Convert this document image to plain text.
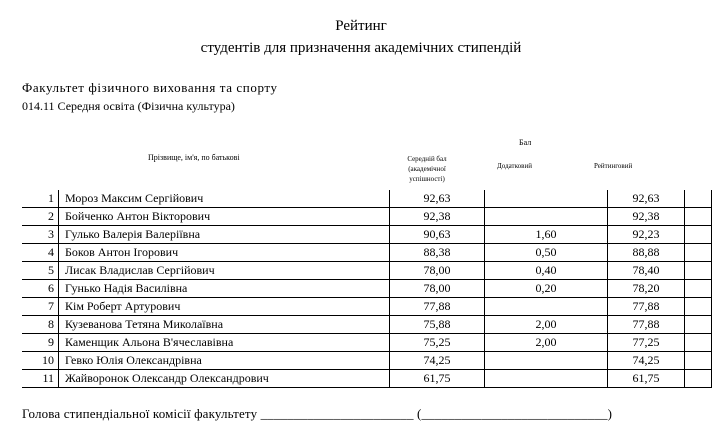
Рейтинг
студентів для призначення академічних стипендій
Факультет фізичного виховання та спорту
014.11 Середня освіта (Фізична культура)
Бал
Прізвище, ім'я, по батькові	Середній бал (академічної успішності)
Додатковий	Рейтинговий
1	Мороз Максим Сергійович	92,63		92,63	
2	Бойченко Антон Вікторович	92,38		92,38	
3	Гулько Валерія Валеріївна	90,63	1,60	92,23	
4	Боков Антон Ігорович	88,38	0,50	88,88	
5	Лисак Владислав Сергійович	78,00	0,40	78,40	
6	Гунько Надія Василівна	78,00	0,20	78,20	
7	Кім Роберт Артурович	77,88		77,88	
8	Кузеванова Тетяна Миколаївна	75,88	2,00	77,88	
9	Каменщик Альона В'ячеславівна	75,25	2,00	77,25	
10	Гевко Юлія Олександрівна	74,25		74,25	
11	Жайворонок Олександр Олександрович	61,75		61,75	
Голова стипендіальної комісії факультету _______________________ (____________________________)
